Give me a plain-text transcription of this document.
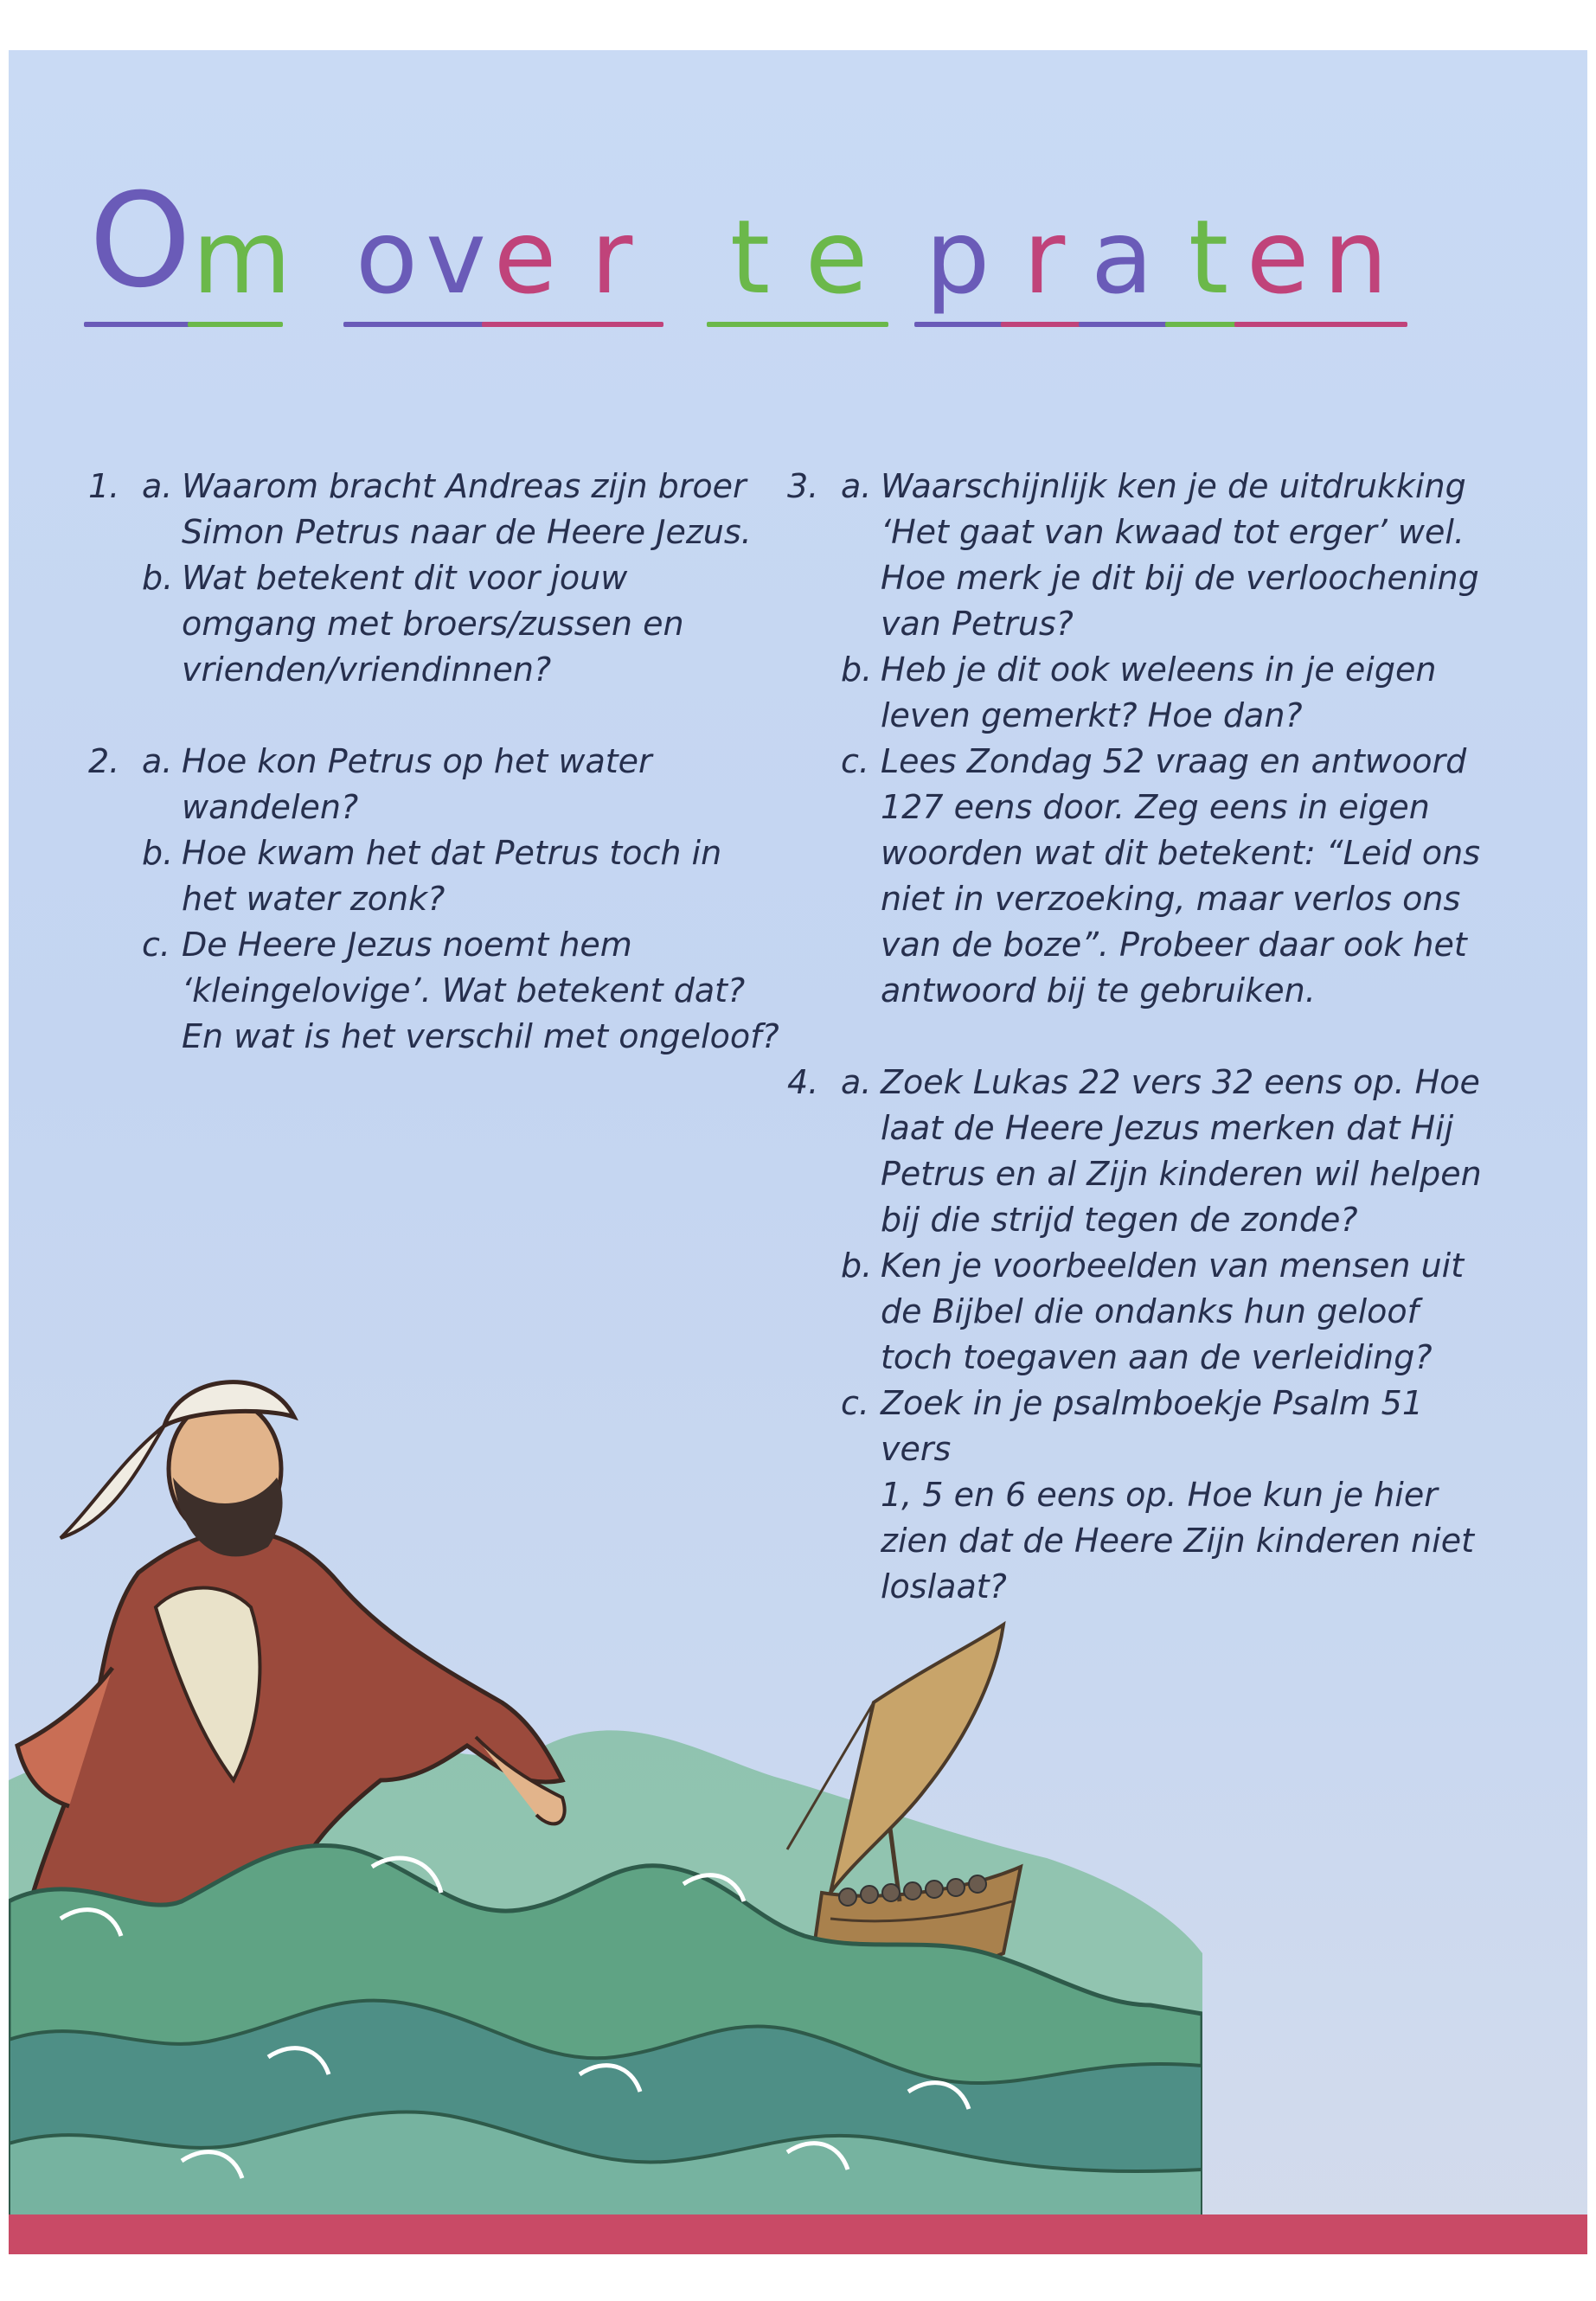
O m o v e r t e p r a t e n
1. a. Waarom bracht Andreas zijn broer
Simon Petrus naar de Heere Jezus.
b. Wat betekent dit voor jouw
omgang met broers/zussen en
vrienden/vriendinnen?
2. a. Hoe kon Petrus op het water
wandelen?
b. Hoe kwam het dat Petrus toch in
het water zonk?
c. De Heere Jezus noemt hem
‘kleingelovige’. Wat betekent dat?
En wat is het verschil met ongeloof?
3. a. Waarschijnlijk ken je de uitdrukking
‘Het gaat van kwaad tot erger’ wel.
Hoe merk je dit bij de verloochening
van Petrus?
b. Heb je dit ook weleens in je eigen
leven gemerkt? Hoe dan?
c. Lees Zondag 52 vraag en antwoord
127 eens door. Zeg eens in eigen
woorden wat dit betekent: “Leid ons
niet in verzoeking, maar verlos ons
van de boze”. Probeer daar ook het
antwoord bij te gebruiken.
4. a. Zoek Lukas 22 vers 32 eens op. Hoe
laat de Heere Jezus merken dat Hij
Petrus en al Zijn kinderen wil helpen
bij die strijd tegen de zonde?
b. Ken je voorbeelden van mensen uit
de Bijbel die ondanks hun geloof
toch toegaven aan de verleiding?
c. Zoek in je psalmboekje Psalm 51 vers
1, 5 en 6 eens op. Hoe kun je hier
zien dat de Heere Zijn kinderen niet
loslaat?
